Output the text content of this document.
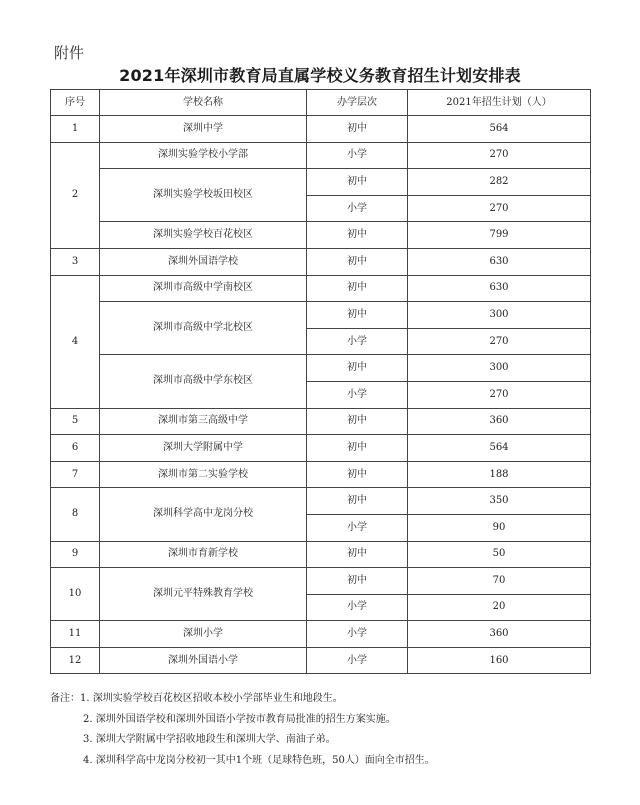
附件
2021年深圳市教育局直属学校义务教育招生计划安排表
序号	学校名称	办学层次	2021年招生计划（人）
1	深圳中学	初中	564
2	深圳实验学校小学部	小学	270
	深圳实验学校坂田校区	初中	282
		小学	270
	深圳实验学校百花校区	初中	799
3	深圳外国语学校	初中	630
4	深圳市高级中学南校区	初中	630
	深圳市高级中学北校区	初中	300
		小学	270
	深圳市高级中学东校区	初中	300
		小学	270
5	深圳市第三高级中学	初中	360
6	深圳大学附属中学	初中	564
7	深圳市第二实验学校	初中	188
8	深圳科学高中龙岗分校	初中	350
		小学	90
9	深圳市育新学校	初中	50
10	深圳元平特殊教育学校	初中	70
		小学	20
11	深圳小学	小学	360
12	深圳外国语小学	小学	160
备注：1. 深圳实验学校百花校区招收本校小学部毕业生和地段生。
2. 深圳外国语学校和深圳外国语小学按市教育局批准的招生方案实施。
3. 深圳大学附属中学招收地段生和深圳大学、南油子弟。
4. 深圳科学高中龙岗分校初一其中1个班（足球特色班，50人）面向全市招生。
